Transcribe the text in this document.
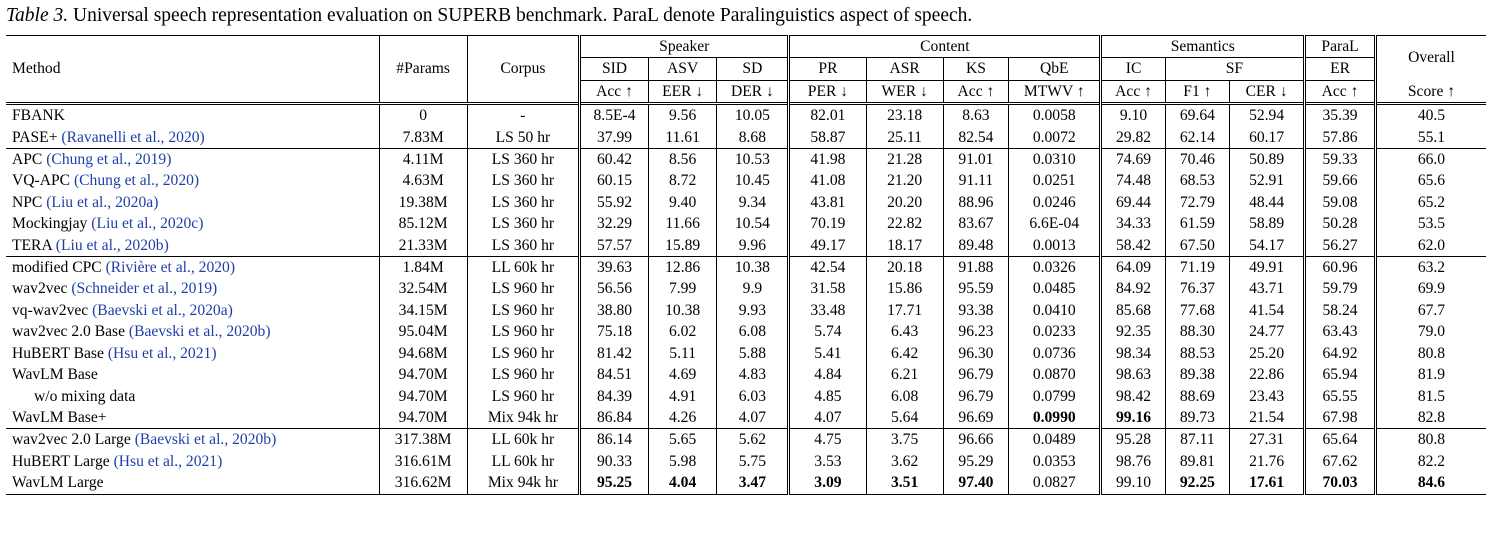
Table 3. Universal speech representation evaluation on SUPERB benchmark. ParaL denote Paralinguistics aspect of speech.
Method	#Params	Corpus	Speaker			Content				Semantics			ParaL	Overall
			SID	ASV	SD	PR	ASR	KS	QbE	IC	SF		ER	
			Acc ↑	EER ↓	DER ↓	PER ↓	WER ↓	Acc ↑	MTWV ↑	Acc ↑	F1 ↑	CER ↓	Acc ↑	Score ↑
FBANK	0	-	8.5E-4	9.56	10.05	82.01	23.18	8.63	0.0058	9.10	69.64	52.94	35.39	40.5
PASE+ (Ravanelli et al., 2020)	7.83M	LS 50 hr	37.99	11.61	8.68	58.87	25.11	82.54	0.0072	29.82	62.14	60.17	57.86	55.1
APC (Chung et al., 2019)	4.11M	LS 360 hr	60.42	8.56	10.53	41.98	21.28	91.01	0.0310	74.69	70.46	50.89	59.33	66.0
VQ-APC (Chung et al., 2020)	4.63M	LS 360 hr	60.15	8.72	10.45	41.08	21.20	91.11	0.0251	74.48	68.53	52.91	59.66	65.6
NPC (Liu et al., 2020a)	19.38M	LS 360 hr	55.92	9.40	9.34	43.81	20.20	88.96	0.0246	69.44	72.79	48.44	59.08	65.2
Mockingjay (Liu et al., 2020c)	85.12M	LS 360 hr	32.29	11.66	10.54	70.19	22.82	83.67	6.6E-04	34.33	61.59	58.89	50.28	53.5
TERA (Liu et al., 2020b)	21.33M	LS 360 hr	57.57	15.89	9.96	49.17	18.17	89.48	0.0013	58.42	67.50	54.17	56.27	62.0
modified CPC (Rivière et al., 2020)	1.84M	LL 60k hr	39.63	12.86	10.38	42.54	20.18	91.88	0.0326	64.09	71.19	49.91	60.96	63.2
wav2vec (Schneider et al., 2019)	32.54M	LS 960 hr	56.56	7.99	9.9	31.58	15.86	95.59	0.0485	84.92	76.37	43.71	59.79	69.9
vq-wav2vec (Baevski et al., 2020a)	34.15M	LS 960 hr	38.80	10.38	9.93	33.48	17.71	93.38	0.0410	85.68	77.68	41.54	58.24	67.7
wav2vec 2.0 Base (Baevski et al., 2020b)	95.04M	LS 960 hr	75.18	6.02	6.08	5.74	6.43	96.23	0.0233	92.35	88.30	24.77	63.43	79.0
HuBERT Base (Hsu et al., 2021)	94.68M	LS 960 hr	81.42	5.11	5.88	5.41	6.42	96.30	0.0736	98.34	88.53	25.20	64.92	80.8
WavLM Base	94.70M	LS 960 hr	84.51	4.69	4.83	4.84	6.21	96.79	0.0870	98.63	89.38	22.86	65.94	81.9
w/o mixing data	94.70M	LS 960 hr	84.39	4.91	6.03	4.85	6.08	96.79	0.0799	98.42	88.69	23.43	65.55	81.5
WavLM Base+	94.70M	Mix 94k hr	86.84	4.26	4.07	4.07	5.64	96.69	0.0990	99.16	89.73	21.54	67.98	82.8
wav2vec 2.0 Large (Baevski et al., 2020b)	317.38M	LL 60k hr	86.14	5.65	5.62	4.75	3.75	96.66	0.0489	95.28	87.11	27.31	65.64	80.8
HuBERT Large (Hsu et al., 2021)	316.61M	LL 60k hr	90.33	5.98	5.75	3.53	3.62	95.29	0.0353	98.76	89.81	21.76	67.62	82.2
WavLM Large	316.62M	Mix 94k hr	95.25	4.04	3.47	3.09	3.51	97.40	0.0827	99.10	92.25	17.61	70.03	84.6
